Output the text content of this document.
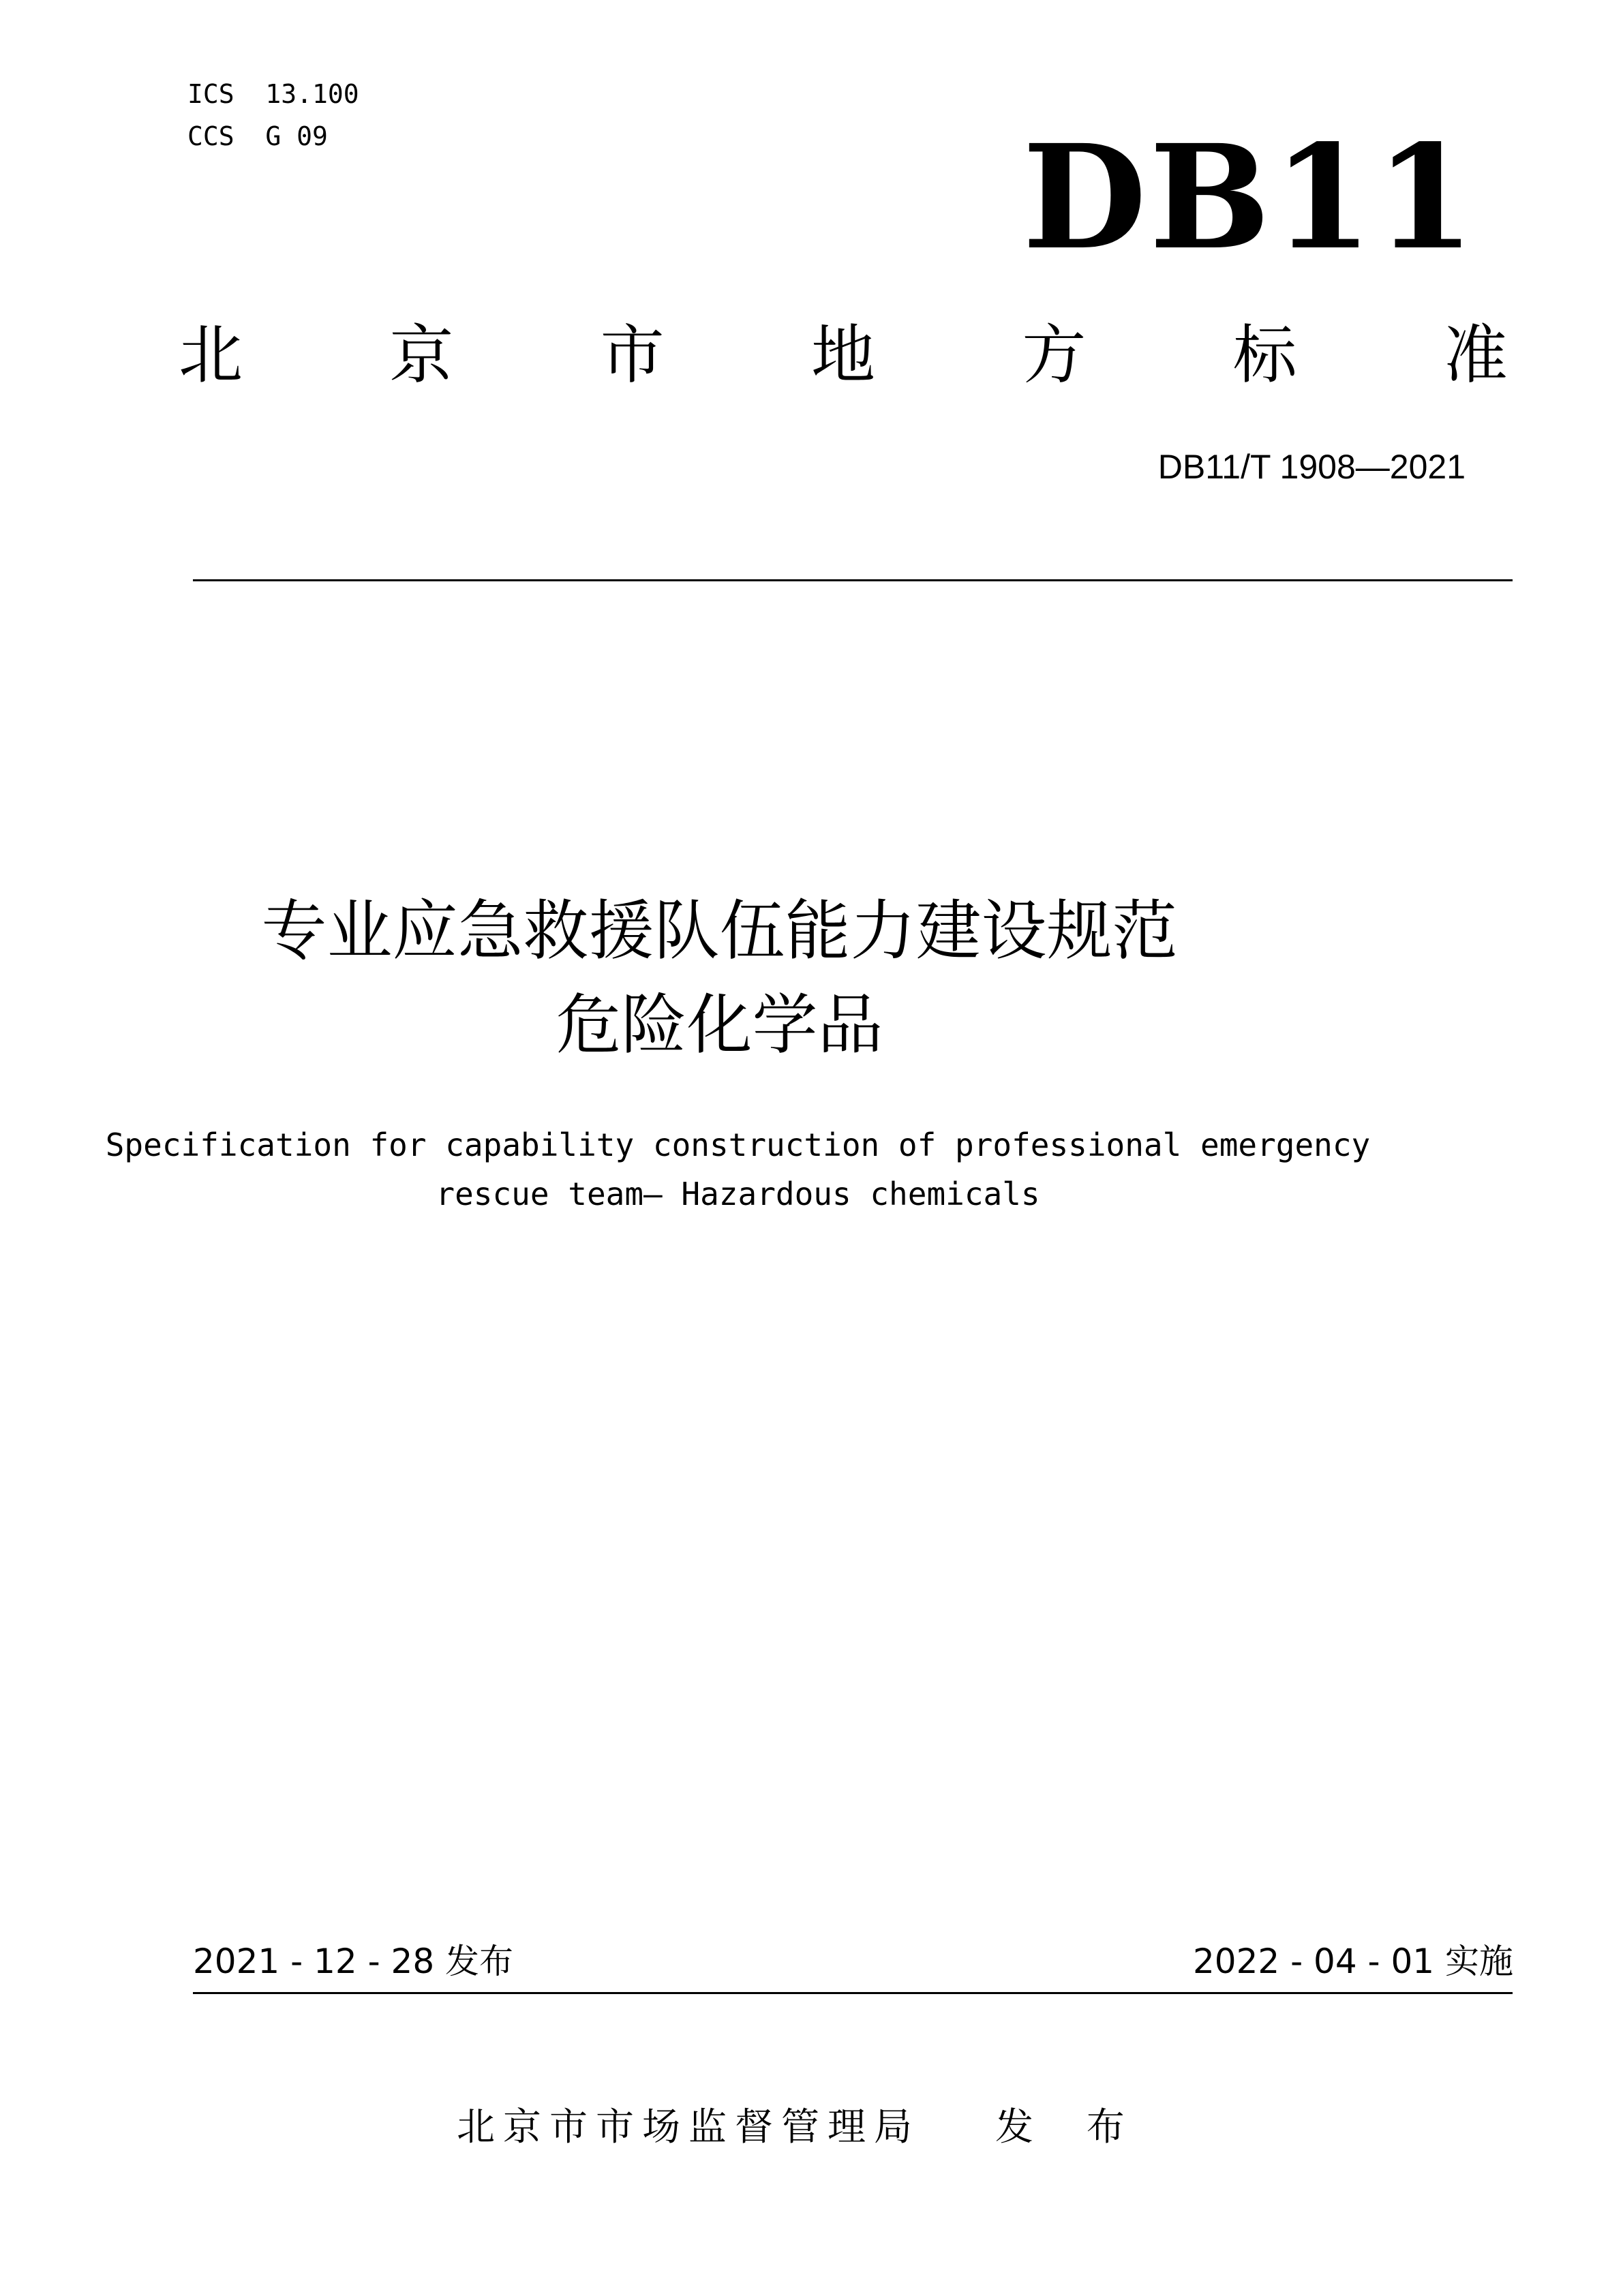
ICS  13.100
CCS  G 09	DB11
北 京 市 地 方 标 准
DB11/T 1908—2021
专业应急救援队伍能力建设规范
危险化学品
Specification for capability construction of professional emergency
rescue team— Hazardous chemicals
2021 - 12 - 28 发布	2022 - 04 - 01 实施
北京市市场监督管理局 发 布
